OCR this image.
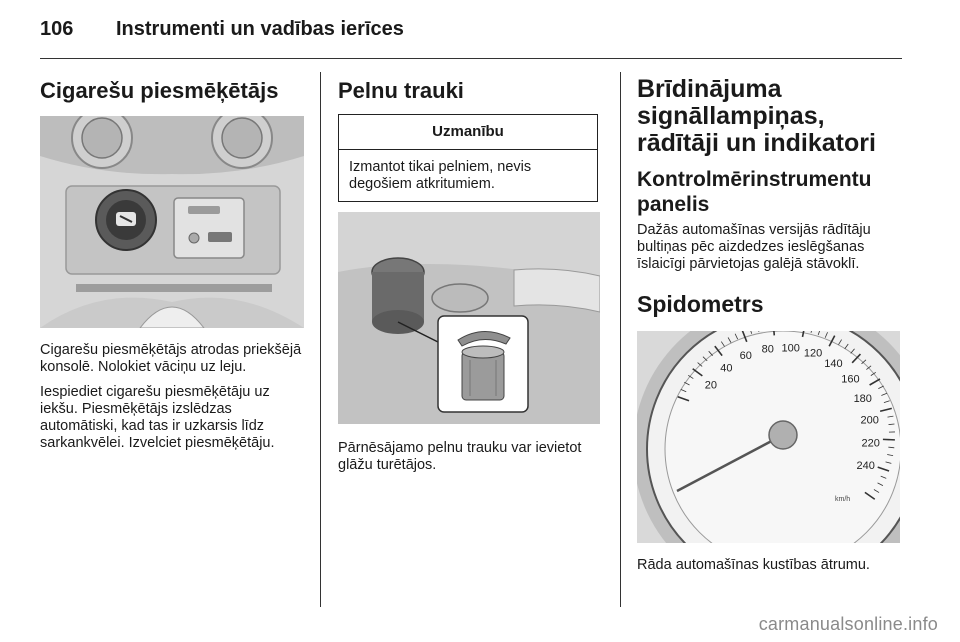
106 Instrumenti un vadības ierīces
Cigarešu piesmēķētājs

Cigarešu piesmēķētājs atrodas priekšējā konsolē. Nolokiet vāciņu uz leju.

Iespiediet cigarešu piesmēķētāju uz iekšu. Piesmēķētājs izslēdzas automātiski, kad tas ir uzkarsis līdz sarkankvēlei. Izvelciet piesmēķētāju.

Pelnu trauki
Uzmanību
Izmantot tikai pelniem, nevis degošiem atkritumiem.

Pārnēsājamo pelnu trauku var ievietot glāžu turētājos.

Brīdinājuma signāllampiņas, rādītāji un indikatori
Kontrolmērinstrumentu panelis

Dažās automašīnas versijās rādītāju bultiņas pēc aizdedzes ieslēgšanas īslaicīgi pārvietojas galējā stāvoklī.

Spidometrs
20
40
60
80 100 120
140
160
180
200
220
240
km/h

Rāda automašīnas kustības ātrumu.

carmanualsonline.info
